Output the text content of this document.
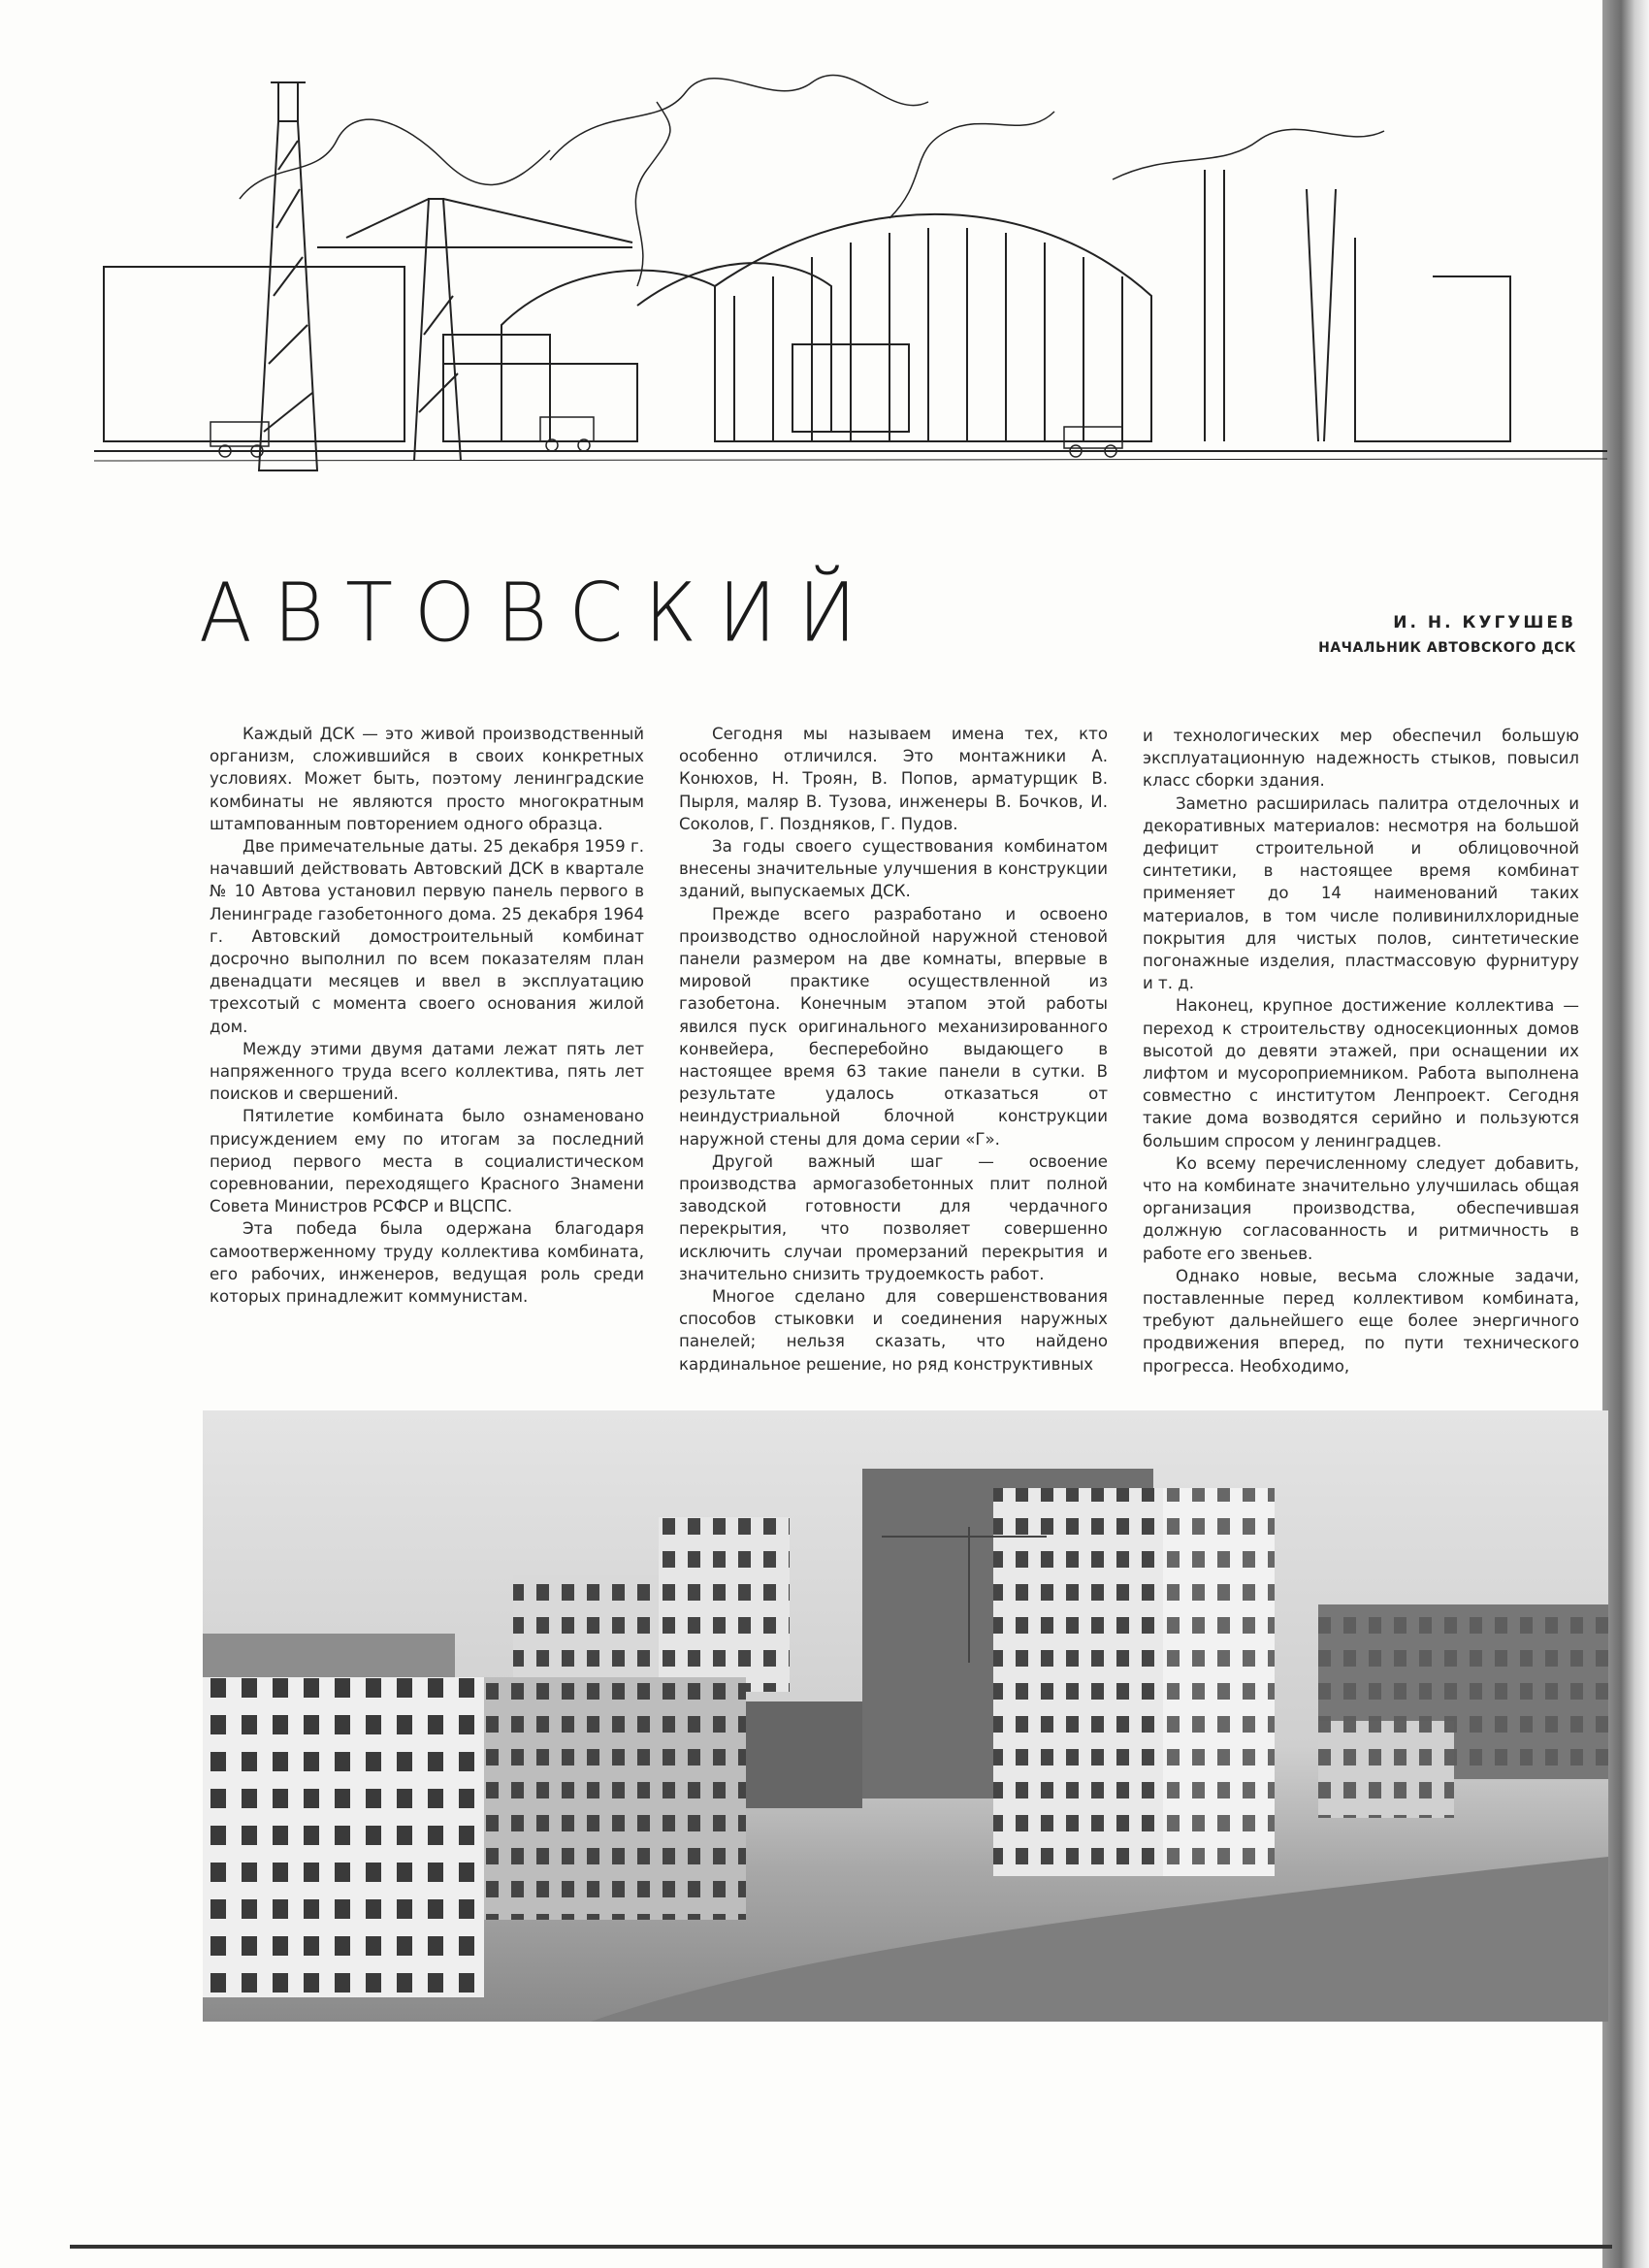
АВТОВСКИЙ	И. Н. КУГУШЕВ
НАЧАЛЬНИК АВТОВСКОГО ДСК

Каждый ДСК — это живой производственный организм, сложившийся в своих конкретных условиях. Может быть, поэтому ленинградские комбинаты не являются просто многократным штампованным повторением одного образца.

Две примечательные даты. 25 декабря 1959 г. начавший действовать Автовский ДСК в квартале № 10 Автова установил первую панель первого в Ленинграде газобетонного дома. 25 декабря 1964 г. Автовский домостроительный комбинат досрочно выполнил по всем показателям план двенадцати месяцев и ввел в эксплуатацию трехсотый с момента своего основания жилой дом.

Между этими двумя датами лежат пять лет напряженного труда всего коллектива, пять лет поисков и свершений.

Пятилетие комбината было ознаменовано присуждением ему по итогам за последний период первого места в социалистическом соревновании, переходящего Красного Знамени Совета Министров РСФСР и ВЦСПС.

Эта победа была одержана благодаря самоотверженному труду коллектива комбината, его рабочих, инженеров, ведущая роль среди которых принадлежит коммунистам.

Сегодня мы называем имена тех, кто особенно отличился. Это монтажники А. Конюхов, Н. Троян, В. Попов, арматурщик В. Пырля, маляр В. Тузова, инженеры В. Бочков, И. Соколов, Г. Поздняков, Г. Пудов.

За годы своего существования комбинатом внесены значительные улучшения в конструкции зданий, выпускаемых ДСК.

Прежде всего разработано и освоено производство однослойной наружной стеновой панели размером на две комнаты, впервые в мировой практике осуществленной из газобетона. Конечным этапом этой работы явился пуск оригинального механизированного конвейера, бесперебойно выдающего в настоящее время 63 такие панели в сутки. В результате удалось отказаться от неиндустриальной блочной конструкции наружной стены для дома серии «Г».

Другой важный шаг — освоение производства армогазобетонных плит полной заводской готовности для чердачного перекрытия, что позволяет совершенно исключить случаи промерзаний перекрытия и значительно снизить трудоемкость работ.

Многое сделано для совершенствования способов стыковки и соединения наружных панелей; нельзя сказать, что найдено кардинальное решение, но ряд конструктивных

и технологических мер обеспечил большую эксплуатационную надежность стыков, повысил класс сборки здания.

Заметно расширилась палитра отделочных и декоративных материалов: несмотря на большой дефицит строительной и облицовочной синтетики, в настоящее время комбинат применяет до 14 наименований таких материалов, в том числе поливинилхлоридные покрытия для чистых полов, синтетические погонажные изделия, пластмассовую фурнитуру и т. д.

Наконец, крупное достижение коллектива — переход к строительству односекционных домов высотой до девяти этажей, при оснащении их лифтом и мусороприемником. Работа выполнена совместно с институтом Ленпроект. Сегодня такие дома возводятся серийно и пользуются большим спросом у ленинградцев.

Ко всему перечисленному следует добавить, что на комбинате значительно улучшилась общая организация производства, обеспечившая должную согласованность и ритмичность в работе его звеньев.

Однако новые, весьма сложные задачи, поставленные перед коллективом комбината, требуют дальнейшего еще более энергичного продвижения вперед, по пути технического прогресса. Необходимо,
